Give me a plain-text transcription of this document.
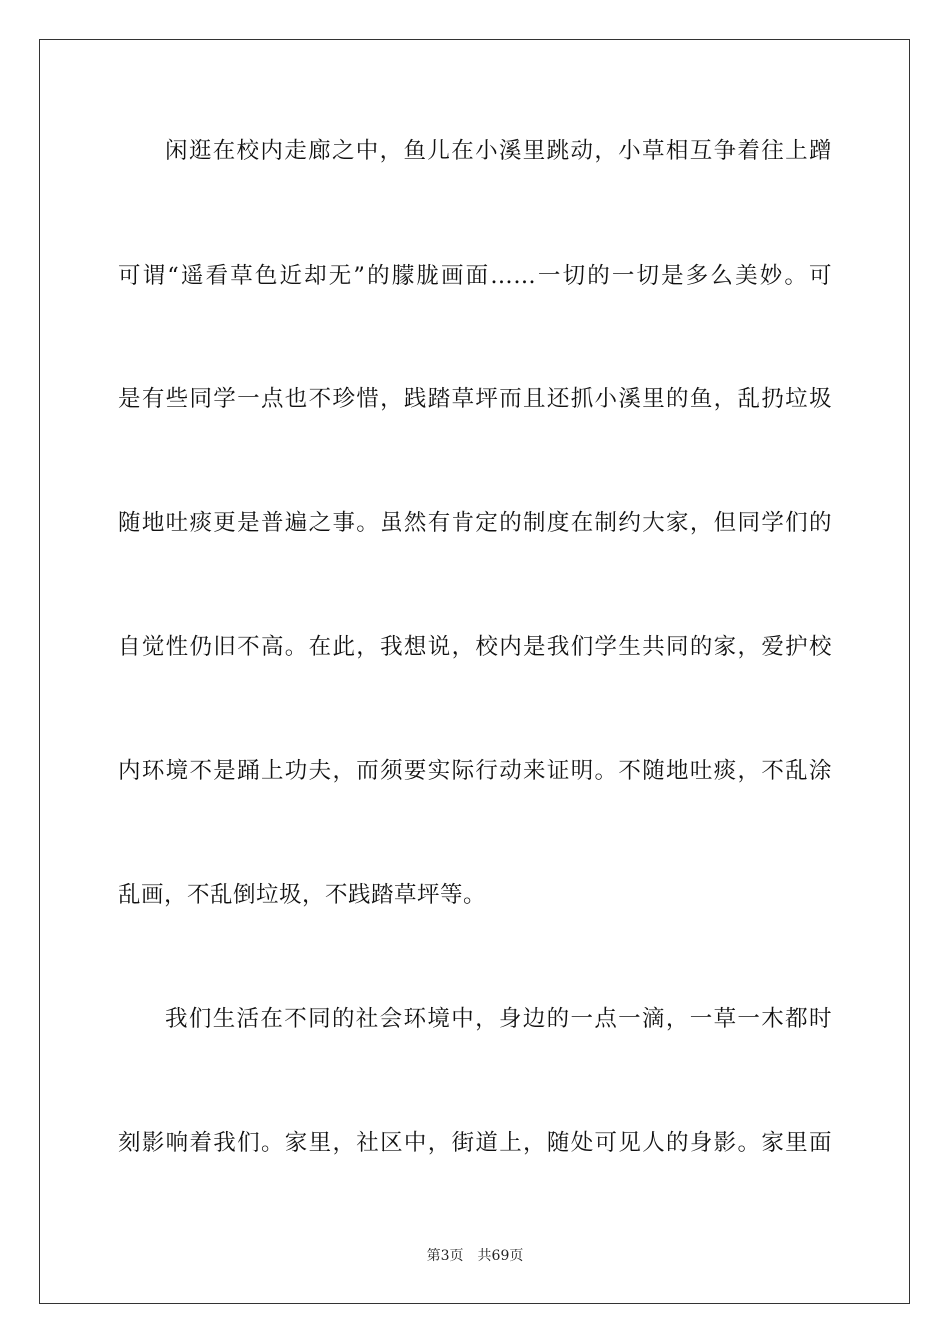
闲逛在校内走廊之中，鱼儿在小溪里跳动，小草相互争着往上蹭
可谓“遥看草色近却无”的朦胧画面……一切的一切是多么美妙。可
是有些同学一点也不珍惜，践踏草坪而且还抓小溪里的鱼，乱扔垃圾
随地吐痰更是普遍之事。虽然有肯定的制度在制约大家，但同学们的
自觉性仍旧不高。在此，我想说，校内是我们学生共同的家，爱护校
内环境不是踊上功夫，而须要实际行动来证明。不随地吐痰，不乱涂
乱画，不乱倒垃圾，不践踏草坪等。
我们生活在不同的社会环境中，身边的一点一滴，一草一木都时
刻影响着我们。家里，社区中，街道上，随处可见人的身影。家里面
第3页 共69页
